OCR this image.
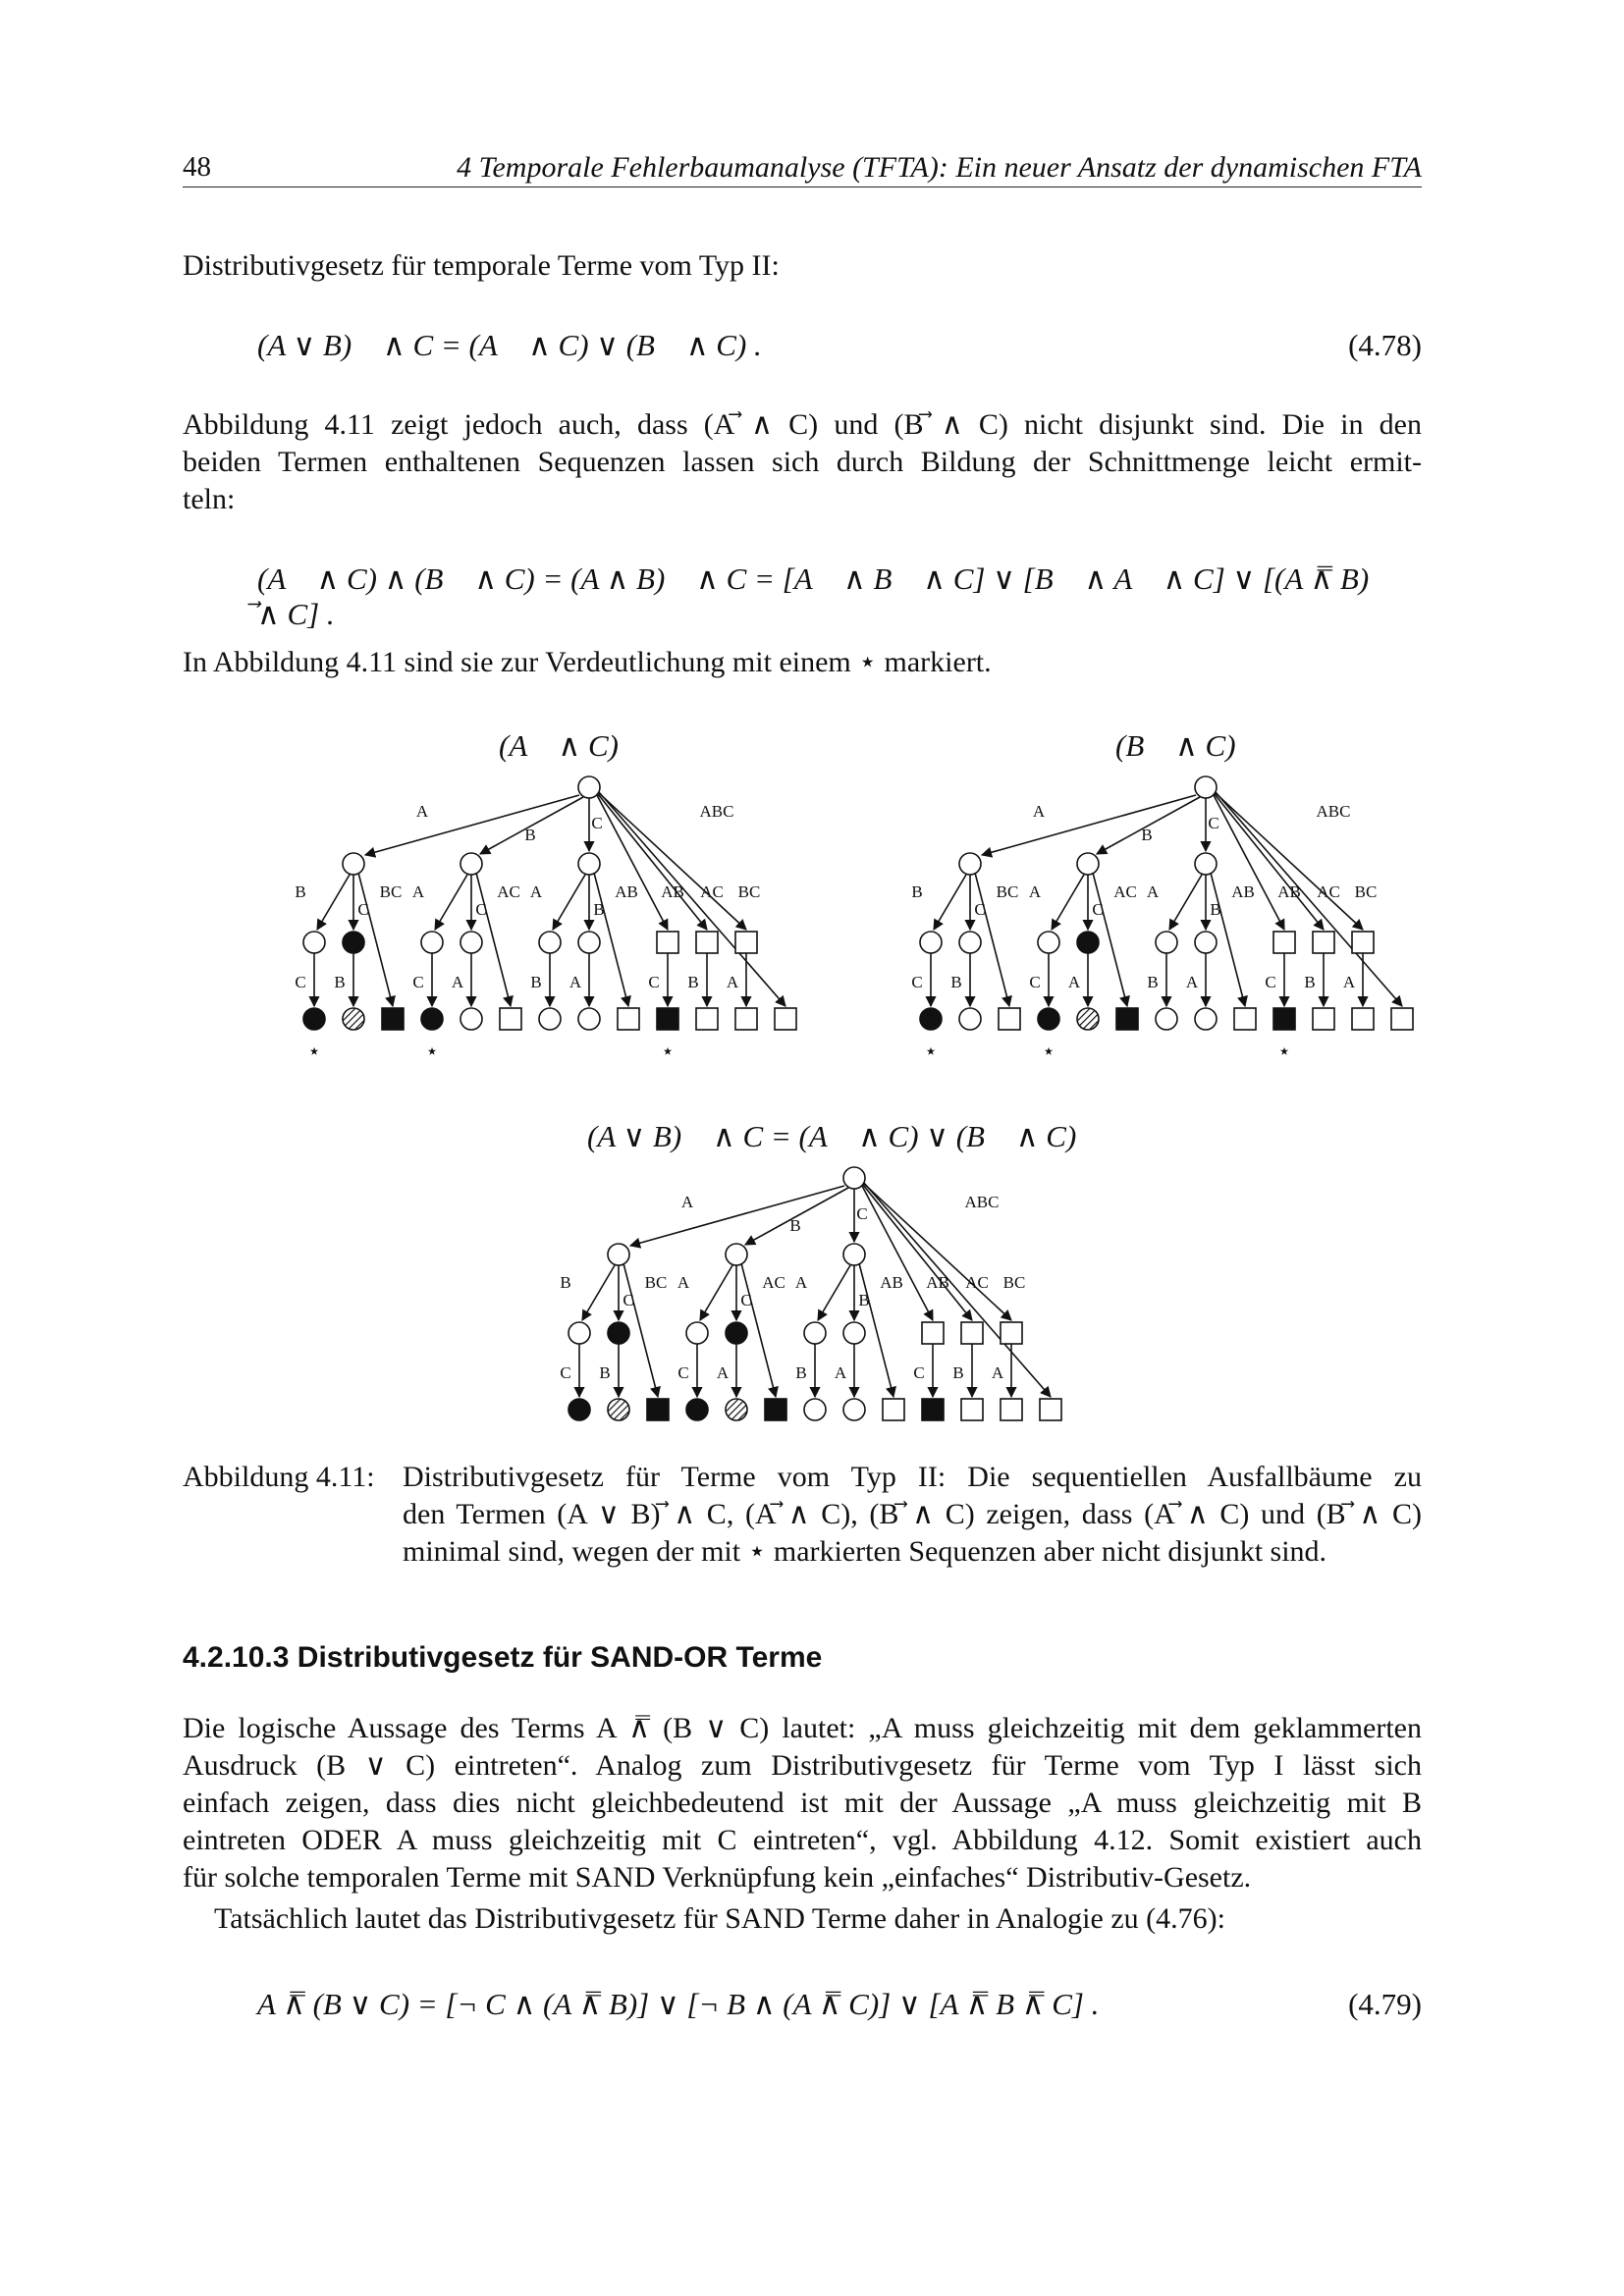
48	4 Temporale Fehlerbaumanalyse (TFTA): Ein neuer Ansatz der dynamischen FTA
Distributivgesetz für temporale Terme vom Typ II:
(A ∨ B) ⃗∧ C = (A ⃗∧ C) ∨ (B ⃗∧ C) .	(4.78)
Abbildung 4.11 zeigt jedoch auch, dass (A ⃗∧ C) und (B ⃗∧ C) nicht disjunkt sind. Die in den
beiden Termen enthaltenen Sequenzen lassen sich durch Bildung der Schnittmenge leicht ermit-
teln:
(A ⃗∧ C) ∧ (B ⃗∧ C) = (A ∧ B) ⃗∧ C = [A ⃗∧ B ⃗∧ C] ∨ [B ⃗∧ A ⃗∧ C] ∨ [(A ∧̿ B) ⃗∧ C] .
In Abbildung 4.11 sind sie zur Verdeutlichung mit einem ⋆ markiert.
(A ⃗∧ C)	(B ⃗∧ C)
(A ∨ B) ⃗∧ C = (A ⃗∧ C) ∨ (B ⃗∧ C)
A
B
C
ABC
B
C
BC A
C
AC A
B
AB AB AC BC
C B	C A	B A	C B A
⋆	⋆	⋆
A
B
C
ABC
B
C
BC A
C
AC A
B
AB AB AC BC
C B	C A	B A	C B A
⋆	⋆	⋆
A
B
C
ABC
B
C
BC A
C
AC A
B
AB AB AC BC
C B	C A	B A	C B A
Abbildung 4.11: Distributivgesetz für Terme vom Typ II: Die sequentiellen Ausfallbäume zu
den Termen (A ∨ B) ⃗∧ C, (A ⃗∧ C), (B ⃗∧ C) zeigen, dass (A ⃗∧ C) und (B ⃗∧ C)
minimal sind, wegen der mit ⋆ markierten Sequenzen aber nicht disjunkt sind.
4.2.10.3 Distributivgesetz für SAND-OR Terme
Die logische Aussage des Terms A ∧̿ (B ∨ C) lautet: „A muss gleichzeitig mit dem geklammerten
Ausdruck (B ∨ C) eintreten“. Analog zum Distributivgesetz für Terme vom Typ I lässt sich
einfach zeigen, dass dies nicht gleichbedeutend ist mit der Aussage „A muss gleichzeitig mit B
eintreten ODER A muss gleichzeitig mit C eintreten“, vgl. Abbildung 4.12. Somit existiert auch
für solche temporalen Terme mit SAND Verknüpfung kein „einfaches“ Distributiv-Gesetz.
Tatsächlich lautet das Distributivgesetz für SAND Terme daher in Analogie zu (4.76):
A ∧̿ (B ∨ C) = [¬ C ∧ (A ∧̿ B)] ∨ [¬ B ∧ (A ∧̿ C)] ∨ [A ∧̿ B ∧̿ C] .	(4.79)
